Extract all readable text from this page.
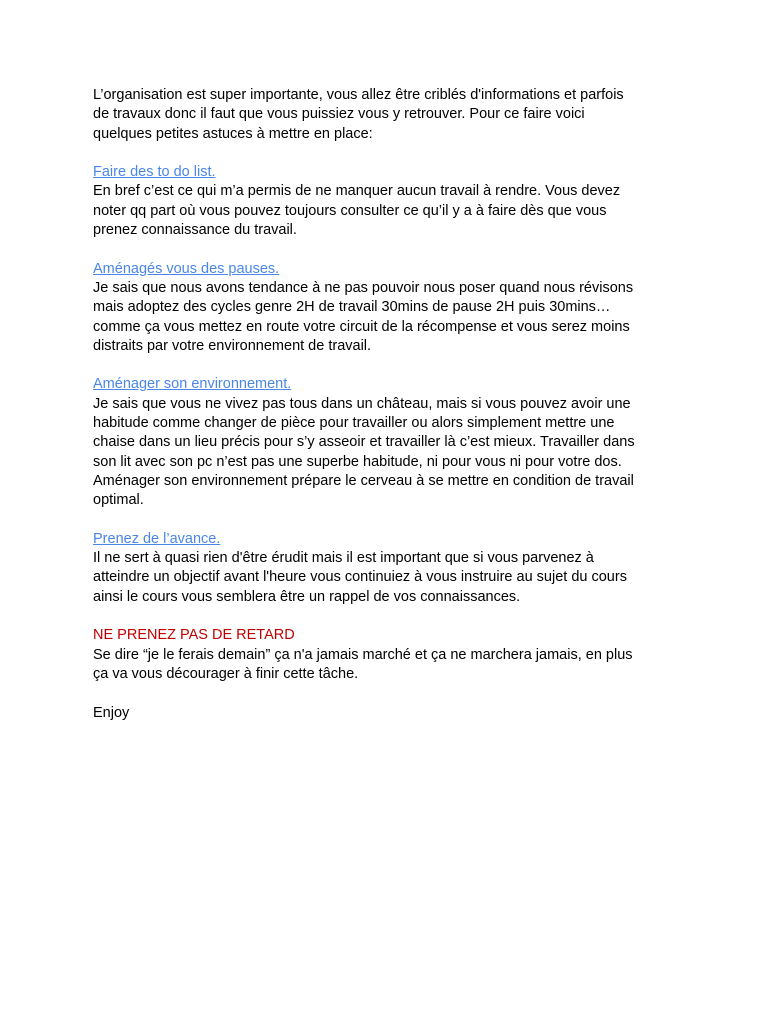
L’organisation est super importante, vous allez être criblés d'informations et parfois
de travaux donc il faut que vous puissiez vous y retrouver. Pour ce faire voici
quelques petites astuces à mettre en place:

Faire des to do list.

En bref c’est ce qui m’a permis de ne manquer aucun travail à rendre. Vous devez
noter qq part où vous pouvez toujours consulter ce qu’il y a à faire dès que vous
prenez connaissance du travail.

Aménagés vous des pauses.

Je sais que nous avons tendance à ne pas pouvoir nous poser quand nous révisons
mais adoptez des cycles genre 2H de travail 30mins de pause 2H puis 30mins…
comme ça vous mettez en route votre circuit de la récompense et vous serez moins
distraits par votre environnement de travail.

Aménager son environnement.

Je sais que vous ne vivez pas tous dans un château, mais si vous pouvez avoir une
habitude comme changer de pièce pour travailler ou alors simplement mettre une
chaise dans un lieu précis pour s’y asseoir et travailler là c’est mieux. Travailler dans
son lit avec son pc n’est pas une superbe habitude, ni pour vous ni pour votre dos.
Aménager son environnement prépare le cerveau à se mettre en condition de travail
optimal.

Prenez de l’avance.

Il ne sert à quasi rien d'être érudit mais il est important que si vous parvenez à
atteindre un objectif avant l'heure vous continuiez à vous instruire au sujet du cours
ainsi le cours vous semblera être un rappel de vos connaissances.

NE PRENEZ PAS DE RETARD

Se dire “je le ferais demain” ça n'a jamais marché et ça ne marchera jamais, en plus
ça va vous décourager à finir cette tâche.

Enjoy
